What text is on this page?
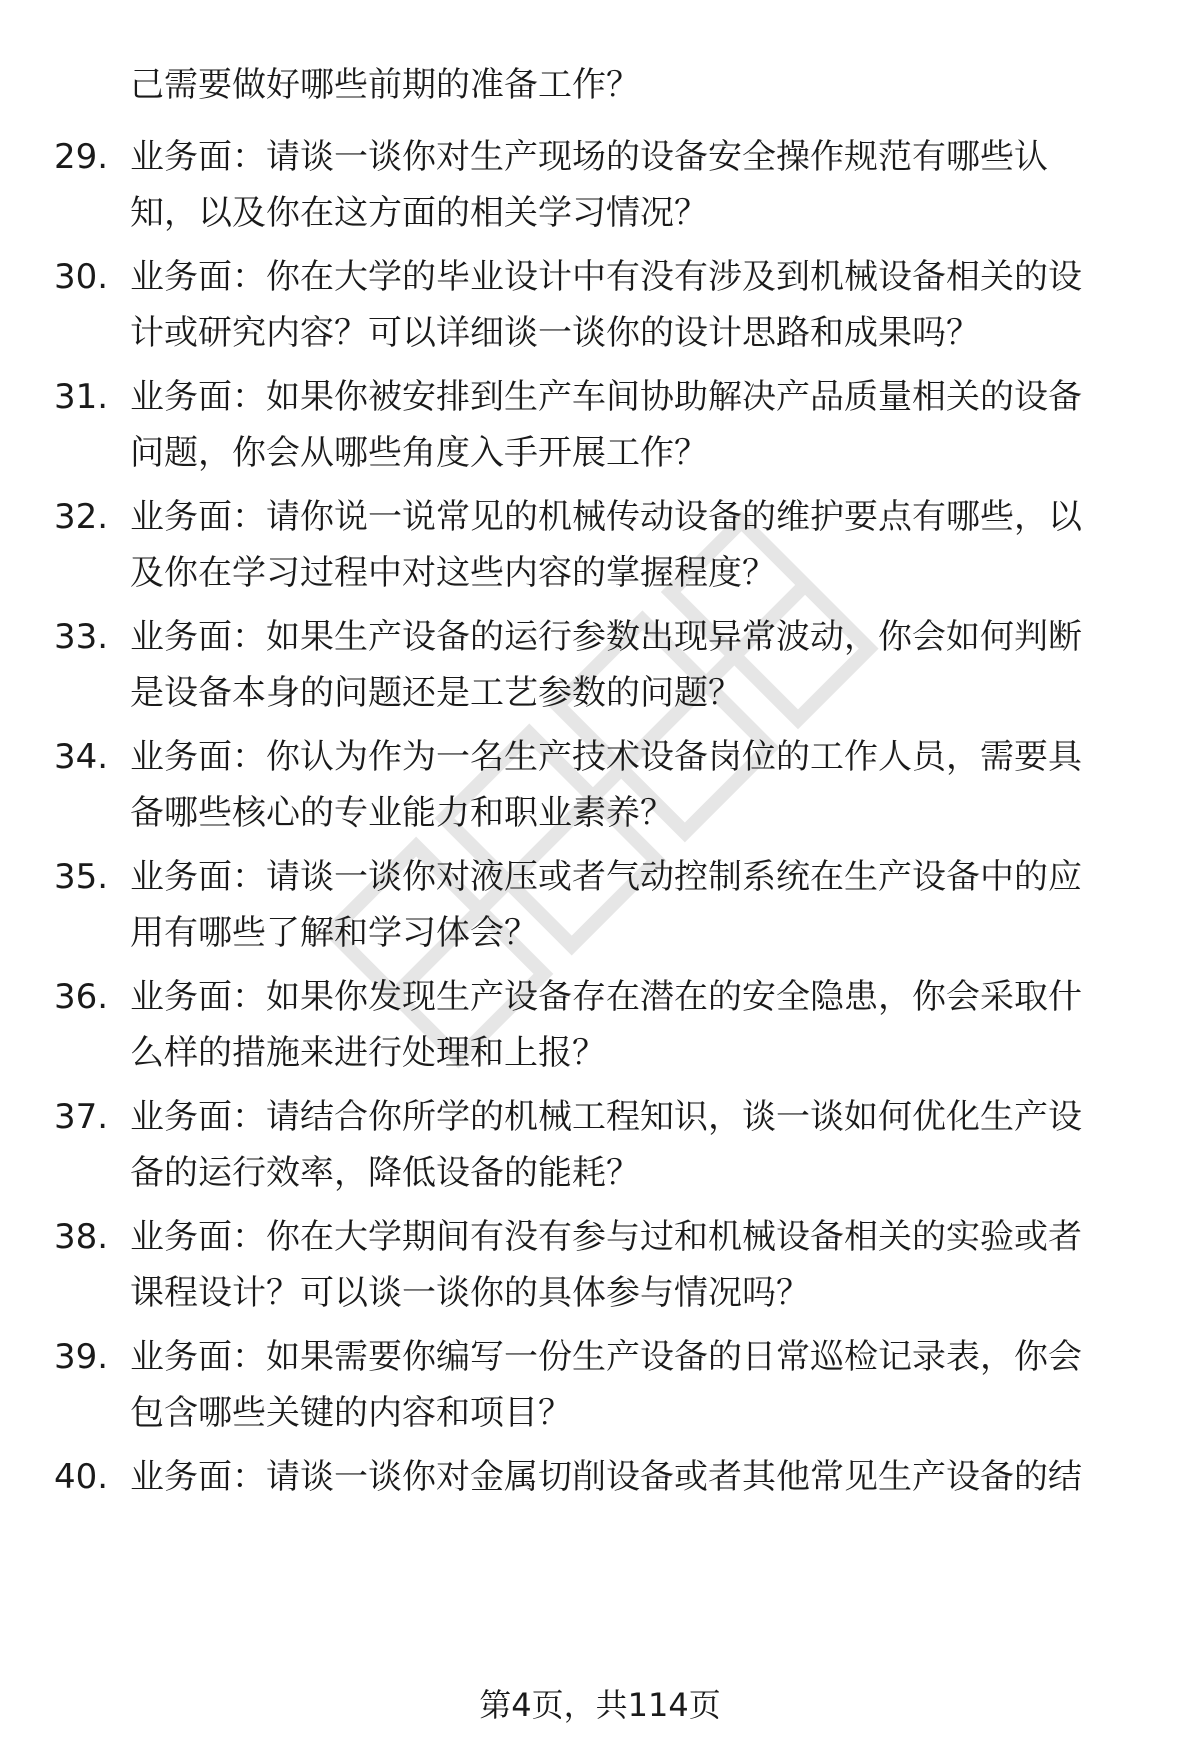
己需要做好哪些前期的准备工作？
29. 业务面：请谈一谈你对生产现场的设备安全操作规范有哪些认
知，以及你在这方面的相关学习情况？
30. 业务面：你在大学的毕业设计中有没有涉及到机械设备相关的设
计或研究内容？可以详细谈一谈你的设计思路和成果吗？
31. 业务面：如果你被安排到生产车间协助解决产品质量相关的设备
问题，你会从哪些角度入手开展工作？
32. 业务面：请你说一说常见的机械传动设备的维护要点有哪些，以
及你在学习过程中对这些内容的掌握程度？
33. 业务面：如果生产设备的运行参数出现异常波动，你会如何判断
是设备本身的问题还是工艺参数的问题？
34. 业务面：你认为作为一名生产技术设备岗位的工作人员，需要具
备哪些核心的专业能力和职业素养？
35. 业务面：请谈一谈你对液压或者气动控制系统在生产设备中的应
用有哪些了解和学习体会？
36. 业务面：如果你发现生产设备存在潜在的安全隐患，你会采取什
么样的措施来进行处理和上报？
37. 业务面：请结合你所学的机械工程知识，谈一谈如何优化生产设
备的运行效率，降低设备的能耗？
38. 业务面：你在大学期间有没有参与过和机械设备相关的实验或者
课程设计？可以谈一谈你的具体参与情况吗？
39. 业务面：如果需要你编写一份生产设备的日常巡检记录表，你会
包含哪些关键的内容和项目？
40. 业务面：请谈一谈你对金属切削设备或者其他常见生产设备的结
第4页，共114页
